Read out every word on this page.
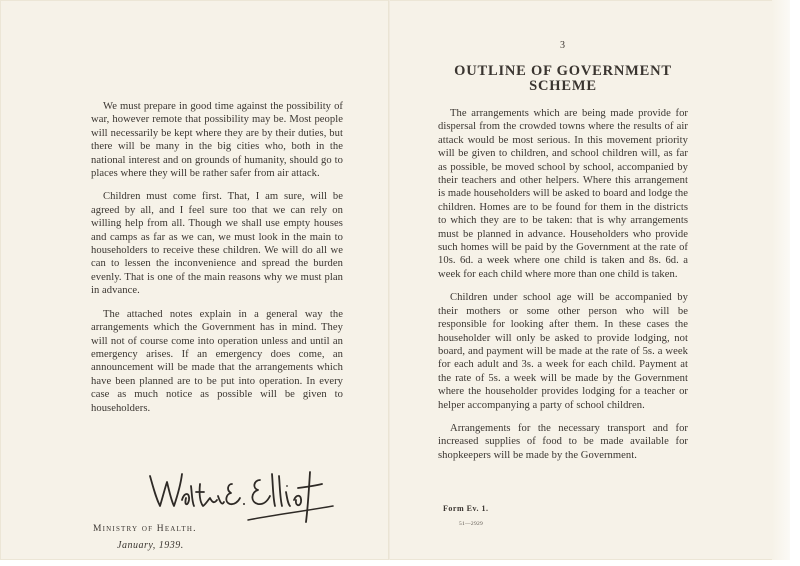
We must prepare in good time against the possibility of war, however remote that possibility may be. Most people will necessarily be kept where they are by their duties, but there will be many in the big cities who, both in the national interest and on grounds of humanity, should go to places where they will be rather safer from air attack.

Children must come first. That, I am sure, will be agreed by all, and I feel sure too that we can rely on willing help from all. Though we shall use empty houses and camps as far as we can, we must look in the main to householders to receive these children. We will do all we can to lessen the inconvenience and spread the burden evenly. That is one of the main reasons why we must plan in advance.

The attached notes explain in a general way the arrangements which the Government has in mind. They will not of course come into operation unless and until an emergency arises. If an emergency does come, an announcement will be made that the arrangements which have been planned are to be put into operation. In every case as much notice as possible will be given to householders.

Ministry of Health.
January, 1939.
3
OUTLINE OF GOVERNMENT SCHEME

The arrangements which are being made provide for dispersal from the crowded towns where the results of air attack would be most serious. In this movement priority will be given to children, and school children will, as far as possible, be moved school by school, accompanied by their teachers and other helpers. Where this arrangement is made householders will be asked to board and lodge the children. Homes are to be found for them in the districts to which they are to be taken: that is why arrangements must be planned in advance. Householders who provide such homes will be paid by the Government at the rate of 10s. 6d. a week where one child is taken and 8s. 6d. a week for each child where more than one child is taken.

Children under school age will be accompanied by their mothers or some other person who will be responsible for looking after them. In these cases the householder will only be asked to provide lodging, not board, and payment will be made at the rate of 5s. a week for each adult and 3s. a week for each child. Payment at the rate of 5s. a week will be made by the Government where the householder provides lodging for a teacher or helper accompanying a party of school children.

Arrangements for the necessary transport and for increased supplies of food to be made available for shopkeepers will be made by the Government.

Form Ev. 1.
51—2929
